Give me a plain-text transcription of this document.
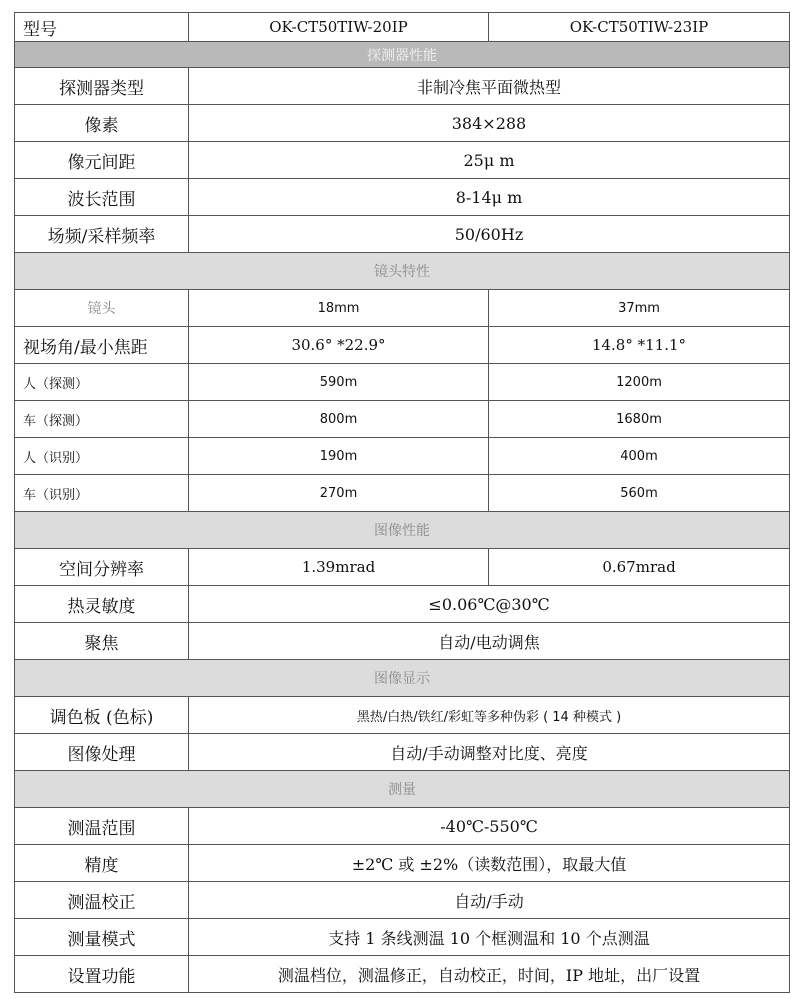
型号	OK-CT50TIW-20IP	OK-CT50TIW-23IP
探测器性能
探测器类型	非制冷焦平面微热型
像素	384×288
像元间距	25μ m
波长范围	8-14μ m
场频/采样频率	50/60Hz
镜头特性
镜头	18mm	37mm
视场角/最小焦距	30.6° *22.9°	14.8° *11.1°
人（探测）	590m	1200m
车（探测）	800m	1680m
人（识别）	190m	400m
车（识别）	270m	560m
图像性能
空间分辨率	1.39mrad	0.67mrad
热灵敏度	≤0.06℃@30℃
聚焦	自动/电动调焦
图像显示
调色板 (色标)	黑热/白热/铁红/彩虹等多种伪彩 ( 14 种模式 )
图像处理	自动/手动调整对比度、亮度
测量
测温范围	-40℃-550℃
精度	±2℃ 或 ±2%（读数范围），取最大值
测温校正	自动/手动
测量模式	支持 1 条线测温 10 个框测温和 10 个点测温
设置功能	测温档位，测温修正，自动校正，时间，IP 地址，出厂设置
